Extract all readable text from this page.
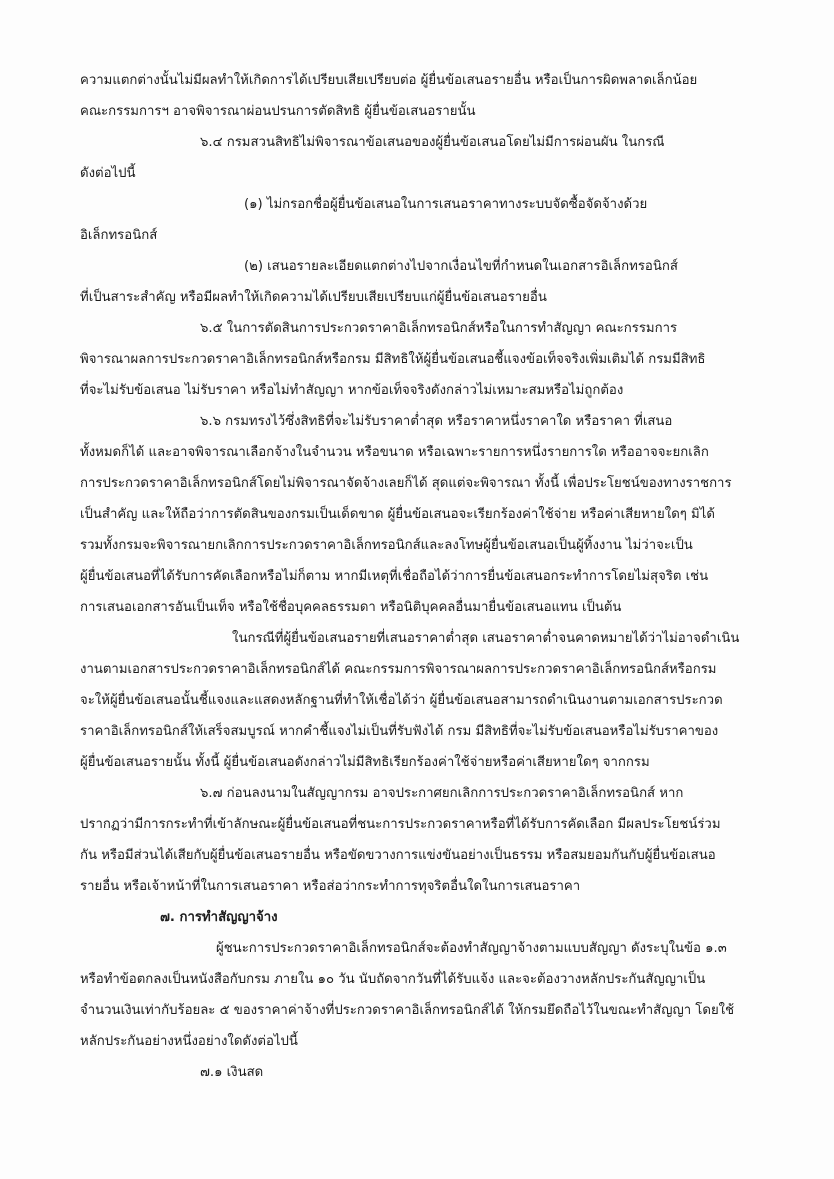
ความแตกต่างนั้นไม่มีผลทำให้เกิดการได้เปรียบเสียเปรียบต่อ ผู้ยื่นข้อเสนอรายอื่น หรือเป็นการผิดพลาดเล็กน้อย
คณะกรรมการฯ อาจพิจารณาผ่อนปรนการตัดสิทธิ ผู้ยื่นข้อเสนอรายนั้น
๖.๔ กรมสวนสิทธิไม่พิจารณาข้อเสนอของผู้ยื่นข้อเสนอโดยไม่มีการผ่อนผัน ในกรณี
ดังต่อไปนี้
(๑) ไม่กรอกชื่อผู้ยื่นข้อเสนอในการเสนอราคาทางระบบจัดซื้อจัดจ้างด้วย
อิเล็กทรอนิกส์
(๒) เสนอรายละเอียดแตกต่างไปจากเงื่อนไขที่กำหนดในเอกสารอิเล็กทรอนิกส์
ที่เป็นสาระสำคัญ หรือมีผลทำให้เกิดความได้เปรียบเสียเปรียบแก่ผู้ยื่นข้อเสนอรายอื่น
๖.๕ ในการตัดสินการประกวดราคาอิเล็กทรอนิกส์หรือในการทำสัญญา คณะกรรมการ
พิจารณาผลการประกวดราคาอิเล็กทรอนิกส์หรือกรม มีสิทธิให้ผู้ยื่นข้อเสนอชี้แจงข้อเท็จจริงเพิ่มเติมได้ กรมมีสิทธิ
ที่จะไม่รับข้อเสนอ ไม่รับราคา หรือไม่ทำสัญญา หากข้อเท็จจริงดังกล่าวไม่เหมาะสมหรือไม่ถูกต้อง
๖.๖ กรมทรงไว้ซึ่งสิทธิที่จะไม่รับราคาต่ำสุด หรือราคาหนึ่งราคาใด หรือราคา ที่เสนอ
ทั้งหมดก็ได้ และอาจพิจารณาเลือกจ้างในจำนวน หรือขนาด หรือเฉพาะรายการหนึ่งรายการใด หรืออาจจะยกเลิก
การประกวดราคาอิเล็กทรอนิกส์โดยไม่พิจารณาจัดจ้างเลยก็ได้ สุดแต่จะพิจารณา ทั้งนี้ เพื่อประโยชน์ของทางราชการ
เป็นสำคัญ และให้ถือว่าการตัดสินของกรมเป็นเด็ดขาด ผู้ยื่นข้อเสนอจะเรียกร้องค่าใช้จ่าย หรือค่าเสียหายใดๆ มิได้
รวมทั้งกรมจะพิจารณายกเลิกการประกวดราคาอิเล็กทรอนิกส์และลงโทษผู้ยื่นข้อเสนอเป็นผู้ทิ้งงาน ไม่ว่าจะเป็น
ผู้ยื่นข้อเสนอที่ได้รับการคัดเลือกหรือไม่ก็ตาม หากมีเหตุที่เชื่อถือได้ว่าการยื่นข้อเสนอกระทำการโดยไม่สุจริต เช่น
การเสนอเอกสารอันเป็นเท็จ หรือใช้ชื่อบุคคลธรรมดา หรือนิติบุคคลอื่นมายื่นข้อเสนอแทน เป็นต้น
ในกรณีที่ผู้ยื่นข้อเสนอรายที่เสนอราคาต่ำสุด เสนอราคาต่ำจนคาดหมายได้ว่าไม่อาจดำเนิน
งานตามเอกสารประกวดราคาอิเล็กทรอนิกส์ได้ คณะกรรมการพิจารณาผลการประกวดราคาอิเล็กทรอนิกส์หรือกรม
จะให้ผู้ยื่นข้อเสนอนั้นชี้แจงและแสดงหลักฐานที่ทำให้เชื่อได้ว่า ผู้ยื่นข้อเสนอสามารถดำเนินงานตามเอกสารประกวด
ราคาอิเล็กทรอนิกส์ให้เสร็จสมบูรณ์ หากคำชี้แจงไม่เป็นที่รับฟังได้ กรม มีสิทธิที่จะไม่รับข้อเสนอหรือไม่รับราคาของ
ผู้ยื่นข้อเสนอรายนั้น ทั้งนี้ ผู้ยื่นข้อเสนอดังกล่าวไม่มีสิทธิเรียกร้องค่าใช้จ่ายหรือค่าเสียหายใดๆ จากกรม
๖.๗ ก่อนลงนามในสัญญากรม อาจประกาศยกเลิกการประกวดราคาอิเล็กทรอนิกส์ หาก
ปรากฏว่ามีการกระทำที่เข้าลักษณะผู้ยื่นข้อเสนอที่ชนะการประกวดราคาหรือที่ได้รับการคัดเลือก มีผลประโยชน์ร่วม
กัน หรือมีส่วนได้เสียกับผู้ยื่นข้อเสนอรายอื่น หรือขัดขวางการแข่งขันอย่างเป็นธรรม หรือสมยอมกันกับผู้ยื่นข้อเสนอ
รายอื่น หรือเจ้าหน้าที่ในการเสนอราคา หรือส่อว่ากระทำการทุจริตอื่นใดในการเสนอราคา
๗. การทำสัญญาจ้าง
ผู้ชนะการประกวดราคาอิเล็กทรอนิกส์จะต้องทำสัญญาจ้างตามแบบสัญญา ดังระบุในข้อ ๑.๓
หรือทำข้อตกลงเป็นหนังสือกับกรม ภายใน ๑๐ วัน นับถัดจากวันที่ได้รับแจ้ง และจะต้องวางหลักประกันสัญญาเป็น
จำนวนเงินเท่ากับร้อยละ ๕ ของราคาค่าจ้างที่ประกวดราคาอิเล็กทรอนิกส์ได้ ให้กรมยึดถือไว้ในขณะทำสัญญา โดยใช้
หลักประกันอย่างหนึ่งอย่างใดดังต่อไปนี้
๗.๑ เงินสด
